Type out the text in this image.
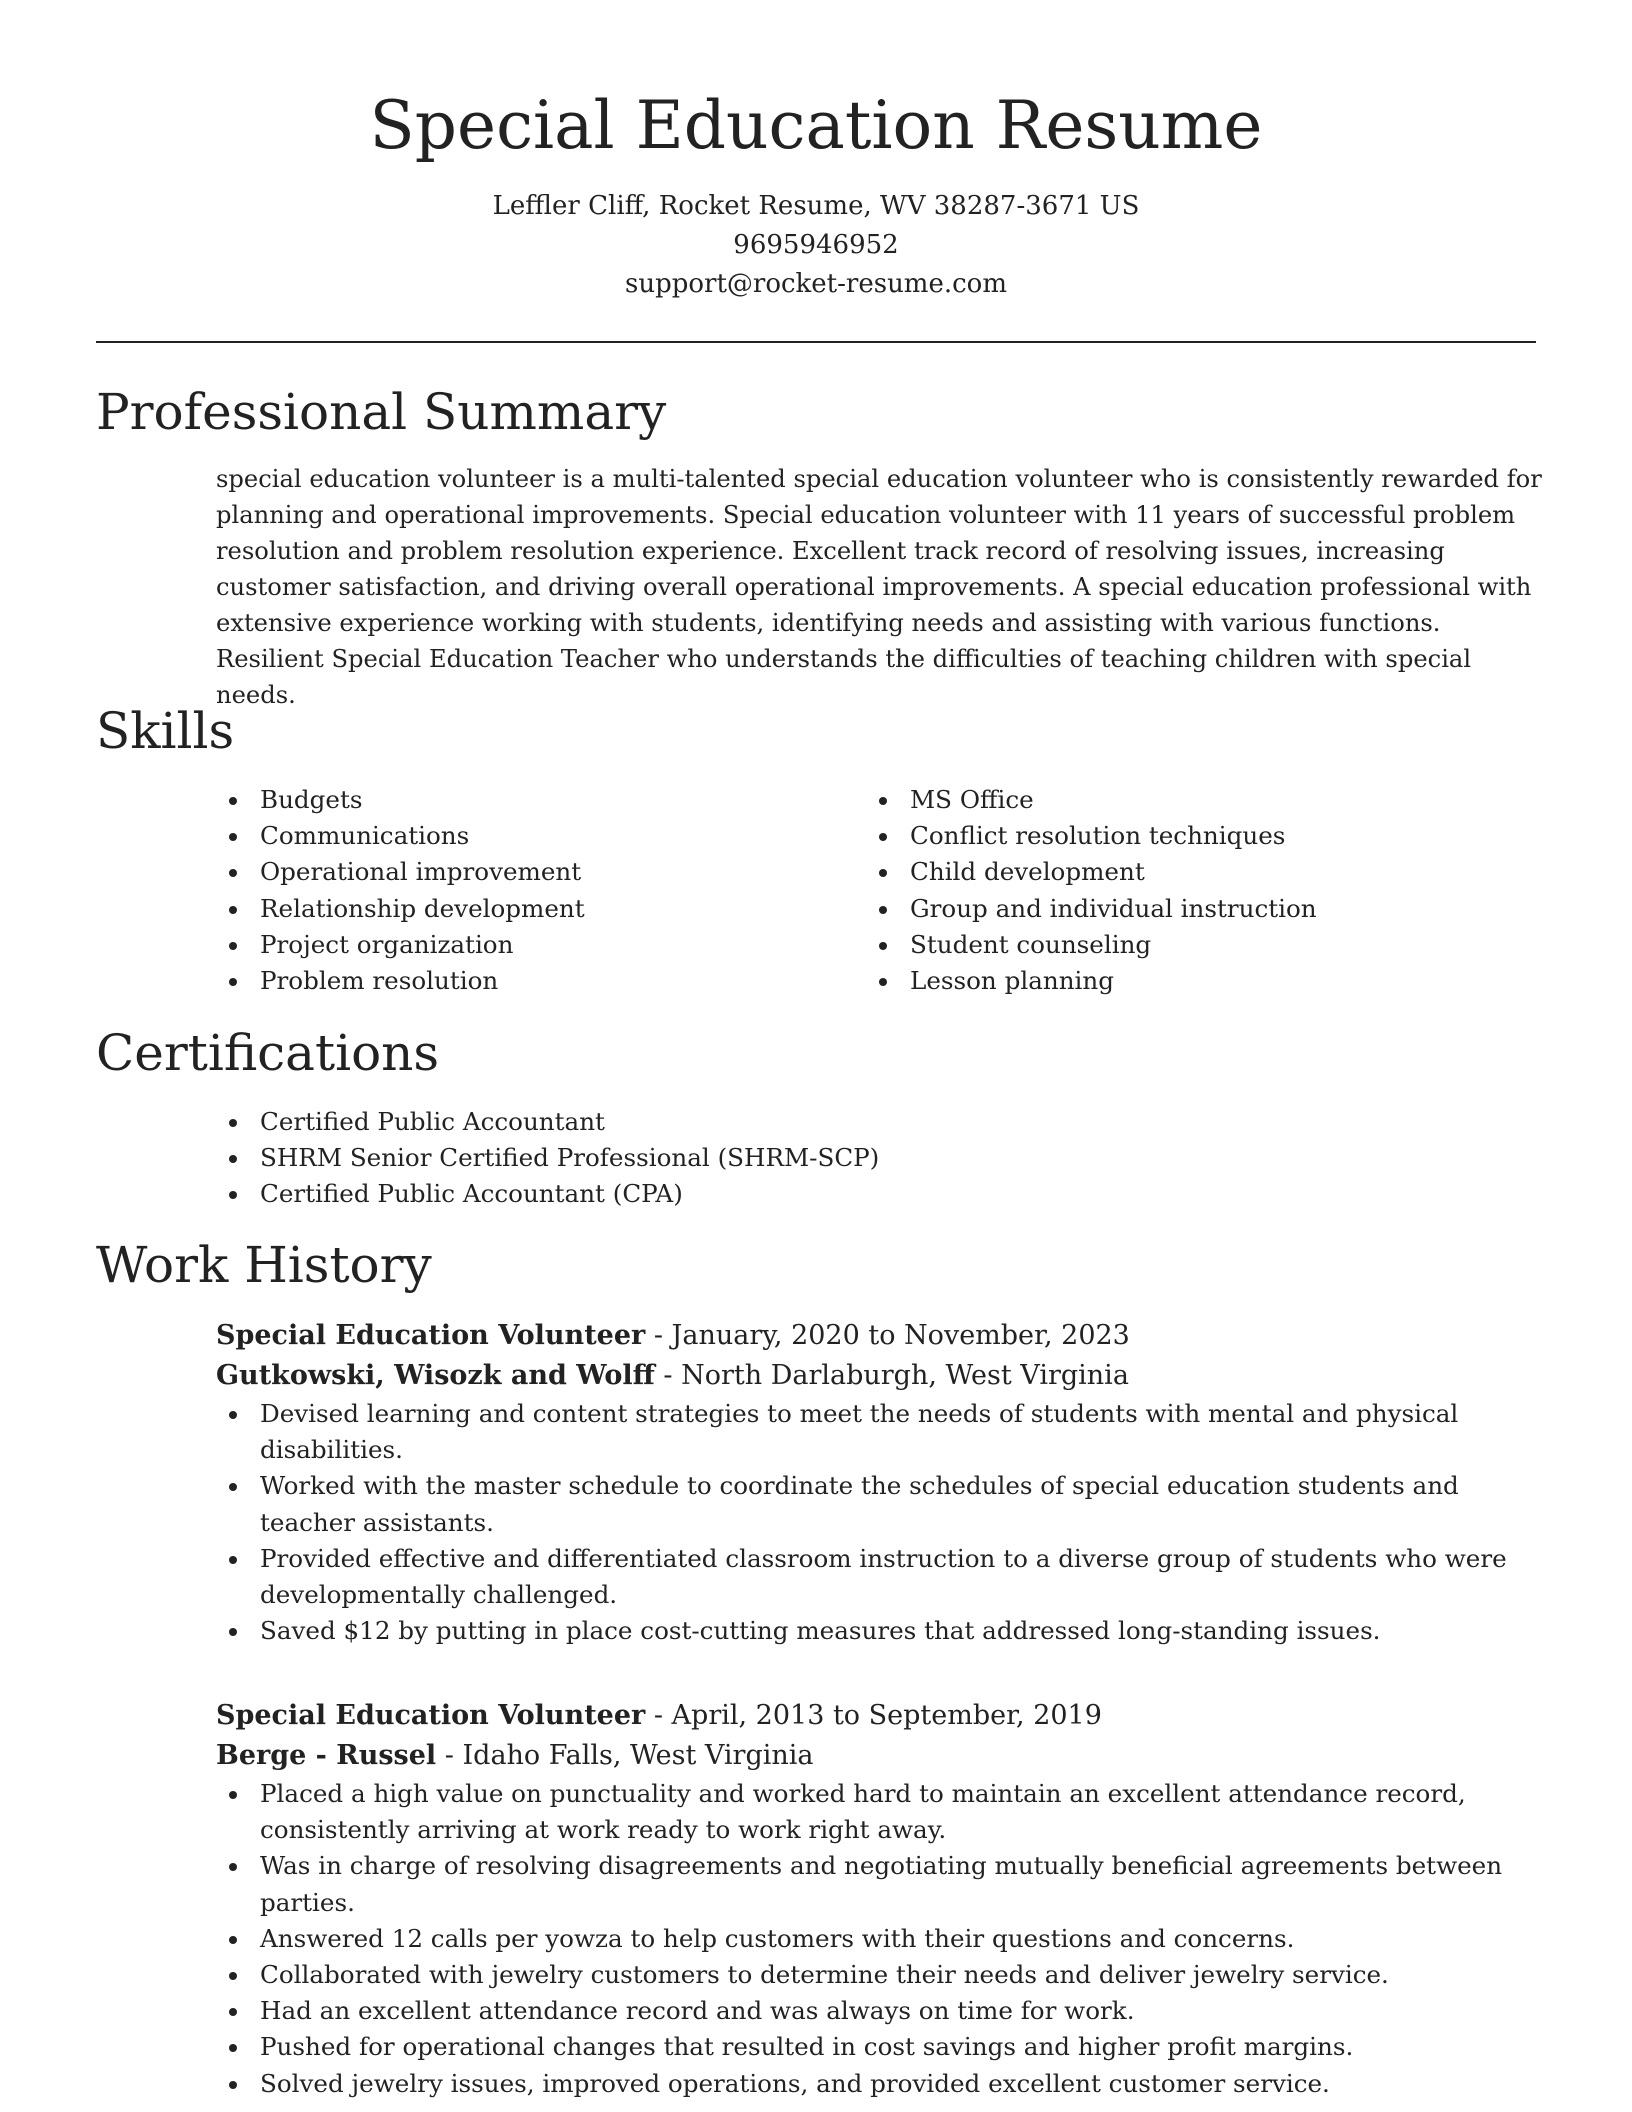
Special Education Resume

Leffler Cliff, Rocket Resume, WV 38287-3671 US

9695946952

support@rocket-resume.com

Professional Summary

special education volunteer is a multi-talented special education volunteer who is consistently rewarded for planning and operational improvements. Special education volunteer with 11 years of successful problem resolution and problem resolution experience. Excellent track record of resolving issues, increasing customer satisfaction, and driving overall operational improvements. A special education professional with extensive experience working with students, identifying needs and assisting with various functions. Resilient Special Education Teacher who understands the difficulties of teaching children with special needs.

Skills
Budgets
Communications
Operational improvement
Relationship development
Project organization
Problem resolution
MS Office
Conflict resolution techniques
Child development
Group and individual instruction
Student counseling
Lesson planning
Certifications
Certified Public Accountant
SHRM Senior Certified Professional (SHRM-SCP)
Certified Public Accountant (CPA)
Work History

Special Education Volunteer - January, 2020 to November, 2023

Gutkowski, Wisozk and Wolff - North Darlaburgh, West Virginia

Devised learning and content strategies to meet the needs of students with mental and physical disabilities.
Worked with the master schedule to coordinate the schedules of special education students and teacher assistants.
Provided effective and differentiated classroom instruction to a diverse group of students who were developmentally challenged.
Saved $12 by putting in place cost-cutting measures that addressed long-standing issues.

Special Education Volunteer - April, 2013 to September, 2019

Berge - Russel - Idaho Falls, West Virginia

Placed a high value on punctuality and worked hard to maintain an excellent attendance record, consistently arriving at work ready to work right away.
Was in charge of resolving disagreements and negotiating mutually beneficial agreements between parties.
Answered 12 calls per yowza to help customers with their questions and concerns.
Collaborated with jewelry customers to determine their needs and deliver jewelry service.
Had an excellent attendance record and was always on time for work.
Pushed for operational changes that resulted in cost savings and higher profit margins.
Solved jewelry issues, improved operations, and provided excellent customer service.
